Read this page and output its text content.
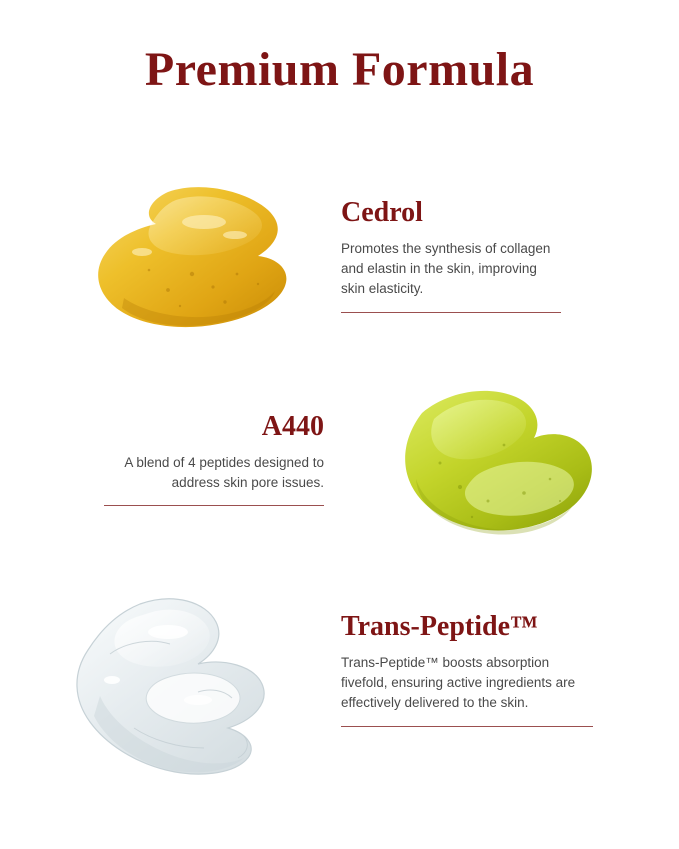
Premium Formula
Cedrol

Promotes the synthesis of collagen and elastin in the skin, improving skin elasticity.

A440

A blend of 4 peptides designed to address skin pore issues.

Trans-Peptide™

Trans-Peptide™ boosts absorption fivefold, ensuring active ingredients are effectively delivered to the skin.
